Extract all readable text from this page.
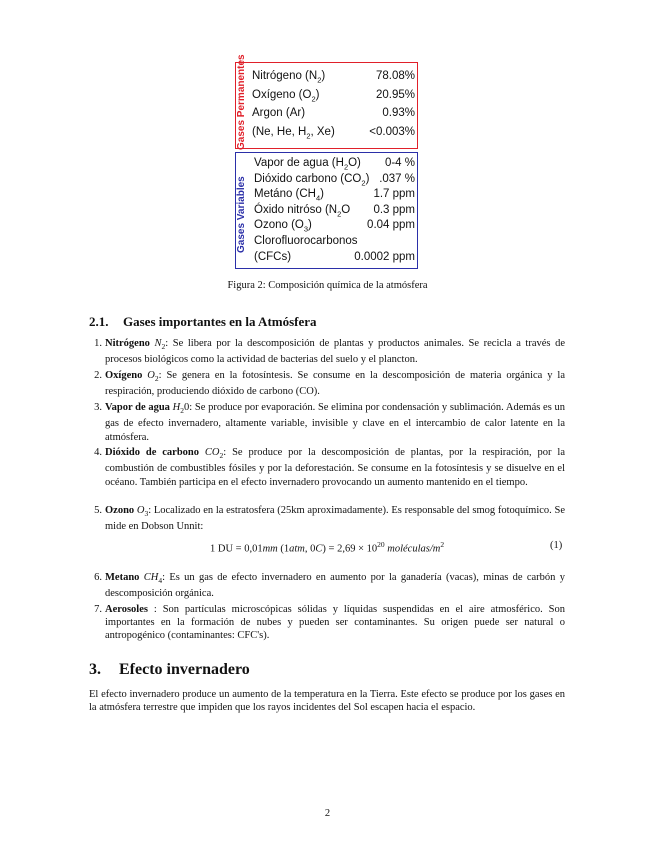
Gases Permanentes
Gases Variables
Nitrógeno $(N_2)$	78.08%
Oxígeno $(O_2)$	20.95%
Argon (Ar)	0.93%
(Ne, He, $H_2$, Xe)	<0.003%
Vapor de agua $(H_2O)$ 0-4 %
Dióxido carbono $(CO_2)$ .037 %
Metáno $(CH_4)$	1.7 ppm
Óxido nitróso ($N_2O$ 0.3 ppm
Ozono $(O_3)$	0.04 ppm
Clorofluorocarbonos
(CFCs)	0.0002 ppm
Figura 2: Composición química de la atmósfera
2.1. Gases importantes en la Atmósfera
1. Nitrógeno $N_2$: Se libera por la descomposición de plantas y productos animales. Se recicla a través de procesos biológicos como la actividad de bacterias del suelo y el plancton.
2. Oxígeno $O_2$: Se genera en la fotosíntesis. Se consume en la descomposición de materia orgánica y la respiración, produciendo dióxido de carbono (CO).
3. Vapor de agua $H_20$: Se produce por evaporación. Se elimina por condensación y sublimación. Además es un gas de efecto invernadero, altamente variable, invisible y clave en el intercambio de calor latente en la atmósfera.
4. Dióxido de carbono $CO_2$: Se produce por la descomposición de plantas, por la respiración, por la combustión de combustibles fósiles y por la deforestación. Se consume en la fotosíntesis y se disuelve en el océano. También participa en el efecto invernadero provocando un aumento mantenido en el tiempo.
5. Ozono $O_3$: Localizado en la estratosfera (25km aproximadamente). Es responsable del smog fotoquímico. Se mide en Dobson Unnit:
6. Metano $CH_4$: Es un gas de efecto invernadero en aumento por la ganadería (vacas), minas de carbón y descomposición orgánica.
7. Aerosoles : Son partículas microscópicas sólidas y líquidas suspendidas en el aire atmosférico. Son importantes en la formación de nubes y pueden ser contaminantes. Su origen puede ser natural o antropogénico (contaminantes: CFC's).
1 DU = 0,01mm (1atm, $0C) = 2,69 \times 10^{20}$ moléculas/$m^2$	(1)
3. Efecto invernadero
El efecto invernadero produce un aumento de la temperatura en la Tierra. Este efecto se produce por los gases en la atmósfera terrestre que impiden que los rayos incidentes del Sol escapen hacia el espacio.
2
